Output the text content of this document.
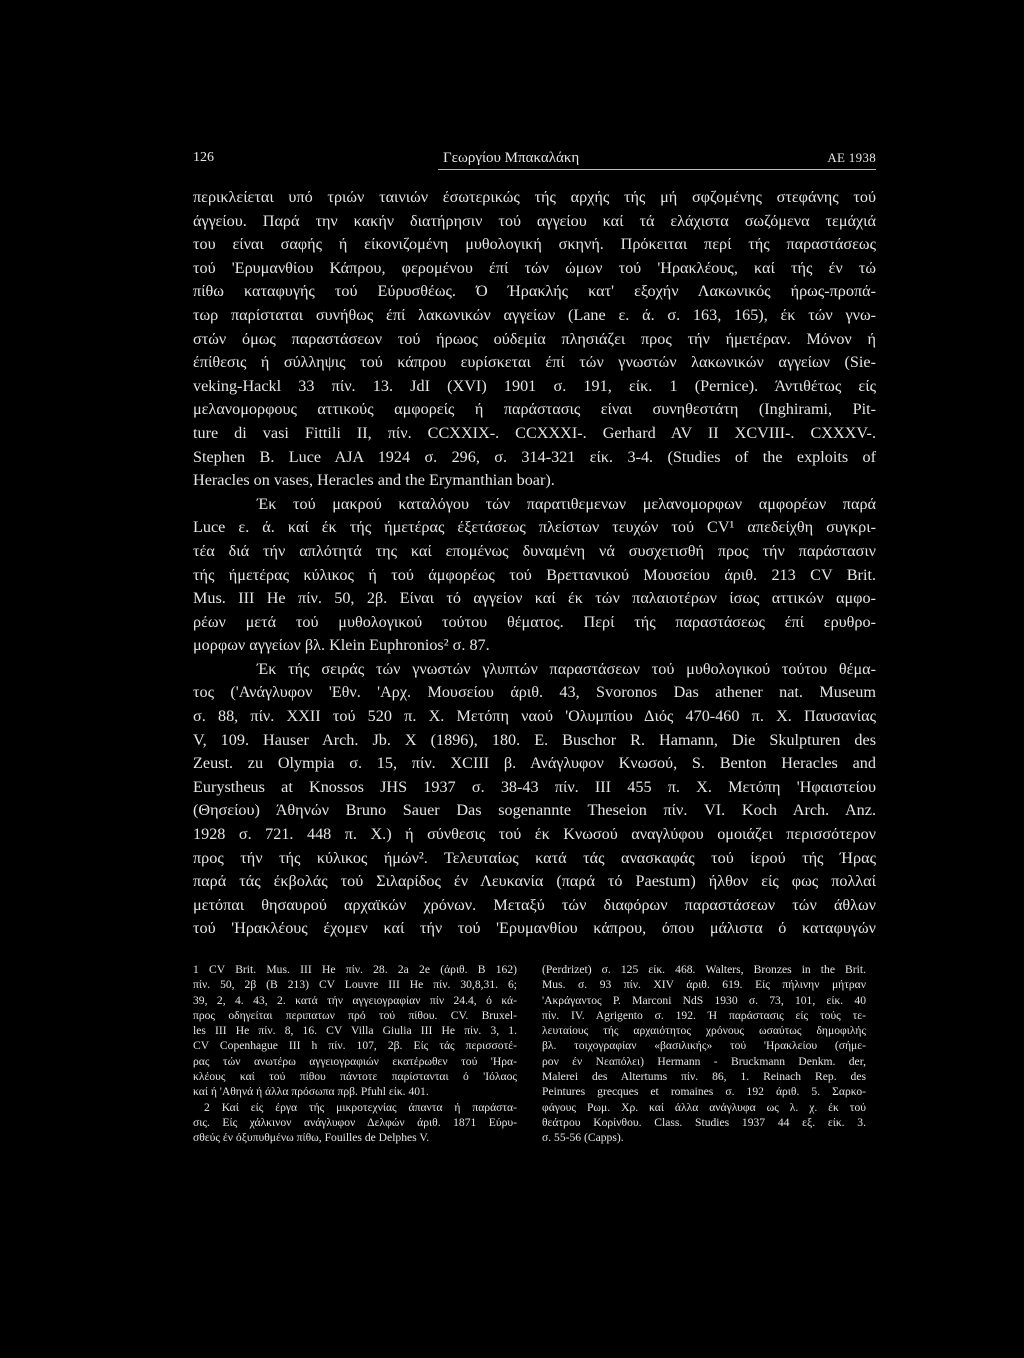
126	Γεωργίου Μπακαλάκη	ΑΕ 1938
περικλείεται υπό τριών ταινιών έσωτερικώς τής αρχής τής μή σφζομένης στεφάνης τού
άγγείου. Παρά την κακήν διατήρησιν τού αγγείου καί τά ελάχιστα σωζόμενα τεμάχιά
του είναι σαφής ή είκονιζομένη μυθολογική σκηνή. Πρόκειται περί τής παραστάσεως
τού 'Ερυμανθίου Κάπρου, φερομένου έπί τών ώμων τού 'Ηρακλέους, καί τής έν τώ
πίθω καταφυγής τού Εύρυσθέως. Ό Ήρακλής κατ' εξοχήν Λακωνικός ήρως-προπά-
τωρ παρίσταται συνήθως έπί λακωνικών αγγείων (Lane ε. ά. σ. 163, 165), έκ τών γνω-
στών όμως παραστάσεων τού ήρωος ούδεμία πλησιάζει προς τήν ήμετέραν. Μόνον ή
έπίθεσις ή σύλληψις τού κάπρου ευρίσκεται έπί τών γνωστών λακωνικών αγγείων (Sie-
veking-Hackl 33 πίν. 13. JdI (XVI) 1901 σ. 191, είκ. 1 (Pernice). Άντιθέτως είς
μελανομορφους αττικούς αμφορείς ή παράστασις είναι συνηθεστάτη (Inghirami, Pit-
ture di vasi Fittili II, πίν. CCXXIX-. CCXXXI-. Gerhard AV II XCVIII-. CXXXV-.
Stephen B. Luce AJA 1924 σ. 296, σ. 314-321 είκ. 3-4. (Studies of the exploits of
Heracles on vases, Heracles and the Erymanthian boar).
Έκ τού μακρού καταλόγου τών παρατιθεμενων μελανομορφων αμφορέων παρά
Luce ε. ά. καί έκ τής ήμετέρας έξετάσεως πλείστων τευχών τού CV¹ απεδείχθη συγκρι-
τέα διά τήν απλότητά της καί επομένως δυναμένη νά συσχετισθή προς τήν παράστασιν
τής ήμετέρας κύλικος ή τού άμφορέως τού Βρεττανικού Μουσείου άριθ. 213 CV Brit.
Mus. III He πίν. 50, 2β. Είναι τό αγγείον καί έκ τών παλαιοτέρων ίσως αττικών αμφο-
ρέων μετά τού μυθολογικού τούτου θέματος. Περί τής παραστάσεως έπί ερυθρο-
μορφων αγγείων βλ. Klein Euphronios² σ. 87.
Έκ τής σειράς τών γνωστών γλυπτών παραστάσεων τού μυθολογικού τούτου θέμα-
τος ('Ανάγλυφον 'Εθν. 'Αρχ. Μουσείου άριθ. 43, Svoronos Das athener nat. Museum
σ. 88, πίν. XXII τού 520 π. Χ. Μετόπη ναού 'Ολυμπίου Διός 470-460 π. Χ. Παυσανίας
V, 109. Hauser Arch. Jb. X (1896), 180. E. Buschor R. Hamann, Die Skulpturen des
Zeust. zu Olympia σ. 15, πίν. XCIII β. Ανάγλυφον Κνωσού, S. Benton Heracles and
Eurystheus at Knossos JHS 1937 σ. 38-43 πίν. III 455 π. Χ. Μετόπη 'Ηφαιστείου
(Θησείου) Άθηνών Bruno Sauer Das sogenannte Theseion πίν. VI. Koch Arch. Anz.
1928 σ. 721. 448 π. Χ.) ή σύνθεσις τού έκ Κνωσού αναγλύφου ομοιάζει περισσότερον
προς τήν τής κύλικος ήμών². Τελευταίως κατά τάς ανασκαφάς τού ίερού τής Ήρας
παρά τάς έκβολάς τού Σιλαρίδος έν Λευκανία (παρά τό Paestum) ήλθον είς φως πολλαί
μετόπαι θησαυρού αρχαϊκών χρόνων. Μεταξύ τών διαφόρων παραστάσεων τών άθλων
τού 'Ηρακλέους έχομεν καί τήν τού 'Ερυμανθίου κάπρου, όπου μάλιστα ό καταφυγών
1 CV Brit. Mus. III He πίν. 28. 2a 2e (άριθ. B 162)
πίν. 50, 2β (B 213) CV Louvre III He πίν. 30,8,31. 6;
39, 2, 4. 43, 2. κατά τήν αγγειογραφίαν πίν 24.4, ό κά-
προς οδηγείται περιπατων πρό τού πίθου. CV. Bruxel-
les III He πίν. 8, 16. CV Villa Giulia III He πίν. 3, 1.
CV Copenhague III h πίν. 107, 2β. Είς τάς περισσοτέ-
ρας τών ανωτέρω αγγειογραφιών εκατέρωθεν τού 'Ηρα-
κλέους καί τού πίθου πάντοτε παρίστανται ό 'Ιόλαος
καί ή 'Αθηνά ή άλλα πρόσωπα πρβ. Pfuhl είκ. 401.
2 Καί είς έργα τής μικροτεχνίας άπαντα ή παράστα-
σις. Είς χάλκινον ανάγλυφον Δελφών άριθ. 1871 Εύρυ-
σθεύς έν όξυπυθμένω πίθω, Fouilles de Delphes V.
(Perdrizet) σ. 125 είκ. 468. Walters, Bronzes in the Brit.
Mus. σ. 93 πίν. XIV άριθ. 619. Είς πήλινην μήτραν
'Ακράγαντος P. Marconi NdS 1930 σ. 73, 101, είκ. 40
πίν. IV. Agrigento σ. 192. Ή παράστασις είς τούς τε-
λευταίους τής αρχαιότητος χρόνους ωσαύτως δημοφιλής
βλ. τοιχογραφίαν «βασιλικής» τού 'Ηρακλείου (σήμε-
ρον έν Νεαπόλει) Hermann - Bruckmann Denkm. der,
Malerei des Altertums πίν. 86, 1. Reinach Rep. des
Peintures grecques et romaines σ. 192 άριθ. 5. Σαρκο-
φάγους Ρωμ. Χρ. καί άλλα ανάγλυφα ως λ. χ. έκ τού
θεάτρου Κορίνθου. Class. Studies 1937 44 εξ. είκ. 3.
σ. 55-56 (Capps).
